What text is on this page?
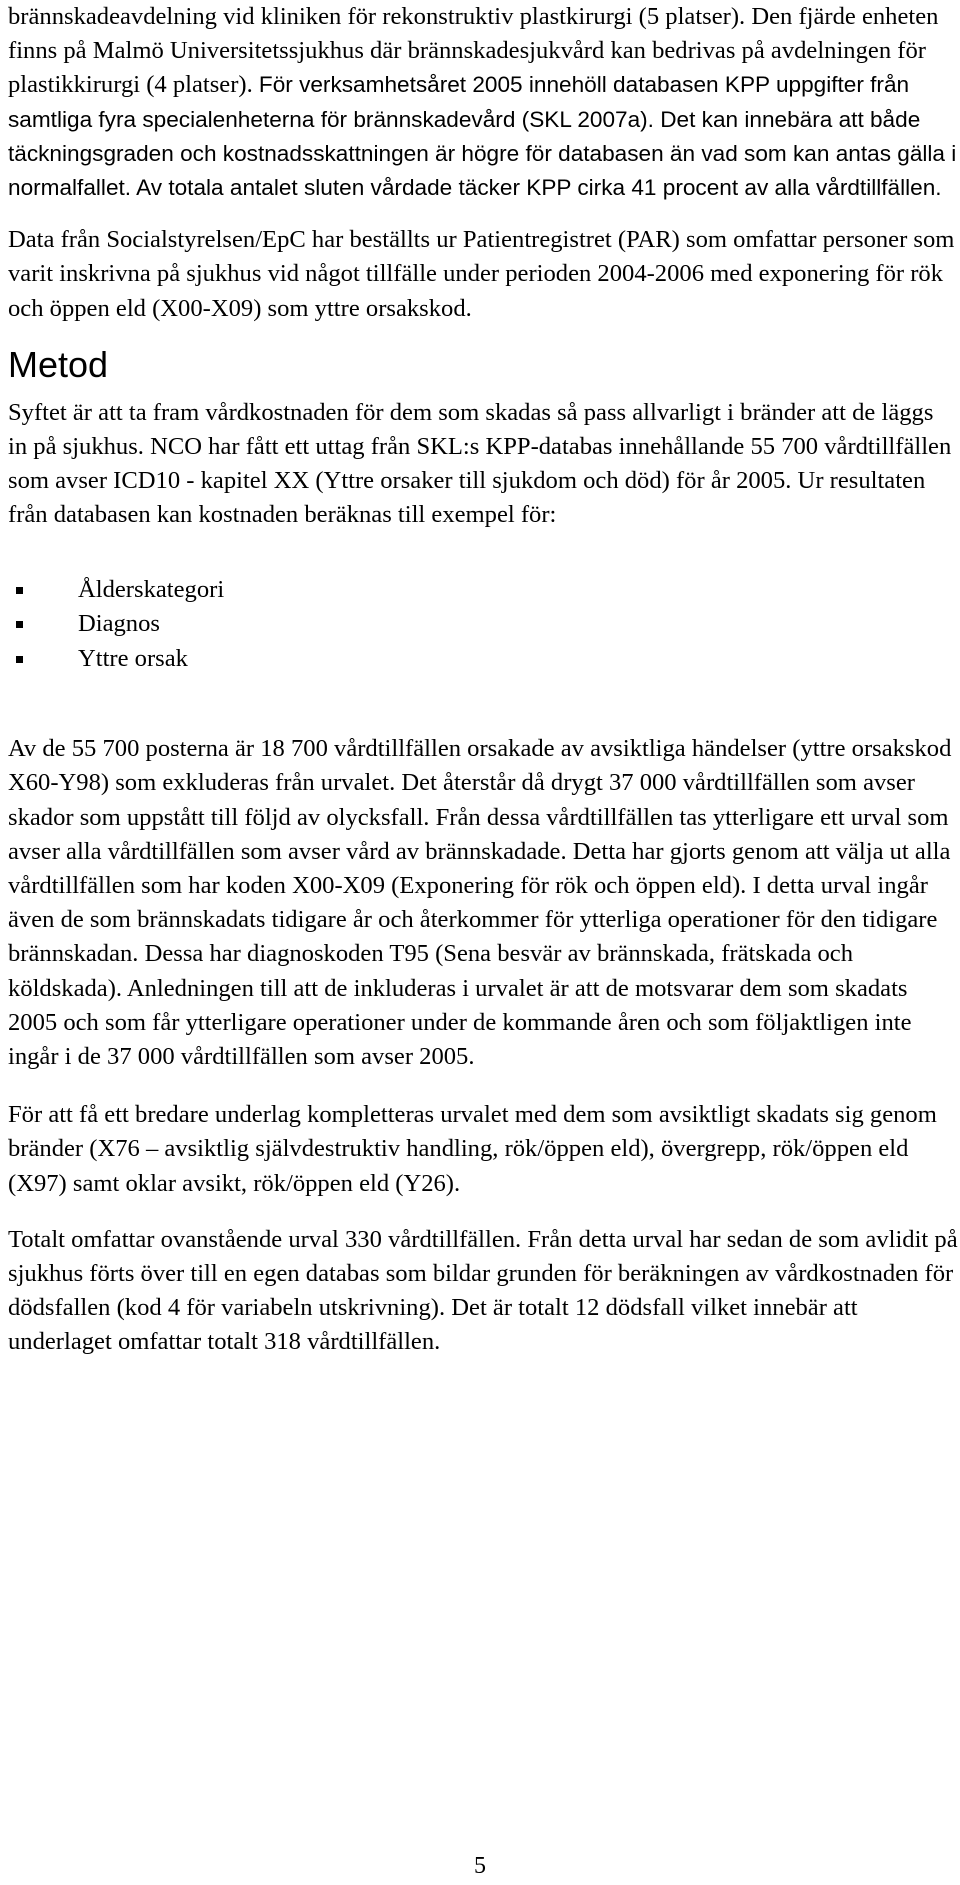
brännskadeavdelning vid kliniken för rekonstruktiv plastkirurgi (5 platser). Den fjärde enheten finns på Malmö Universitetssjukhus där brännskadesjukvård kan bedrivas på avdelningen för plastikkirurgi (4 platser). För verksamhetsåret 2005 innehöll databasen KPP uppgifter från samtliga fyra specialenheterna för brännskadevård (SKL 2007a). Det kan innebära att både täckningsgraden och kostnadsskattningen är högre för databasen än vad som kan antas gälla i normalfallet. Av totala antalet sluten vårdade täcker KPP cirka 41 procent av alla vårdtillfällen.

Data från Socialstyrelsen/EpC har beställts ur Patientregistret (PAR) som omfattar personer som varit inskrivna på sjukhus vid något tillfälle under perioden 2004-2006 med exponering för rök och öppen eld (X00-X09) som yttre orsakskod.

Metod

Syftet är att ta fram vårdkostnaden för dem som skadas så pass allvarligt i bränder att de läggs in på sjukhus. NCO har fått ett uttag från SKL:s KPP-databas innehållande 55 700 vårdtillfällen som avser ICD10 - kapitel XX (Yttre orsaker till sjukdom och död) för år 2005. Ur resultaten från databasen kan kostnaden beräknas till exempel för:

Ålderskategori
Diagnos
Yttre orsak

Av de 55 700 posterna är 18 700 vårdtillfällen orsakade av avsiktliga händelser (yttre orsakskod X60-Y98) som exkluderas från urvalet. Det återstår då drygt 37 000 vårdtillfällen som avser skador som uppstått till följd av olycksfall. Från dessa vårdtillfällen tas ytterligare ett urval som avser alla vårdtillfällen som avser vård av brännskadade. Detta har gjorts genom att välja ut alla vårdtillfällen som har koden X00-X09 (Exponering för rök och öppen eld). I detta urval ingår även de som brännskadats tidigare år och återkommer för ytterliga operationer för den tidigare brännskadan. Dessa har diagnoskoden T95 (Sena besvär av brännskada, frätskada och köldskada). Anledningen till att de inkluderas i urvalet är att de motsvarar dem som skadats 2005 och som får ytterligare operationer under de kommande åren och som följaktligen inte ingår i de 37 000 vårdtillfällen som avser 2005.

För att få ett bredare underlag kompletteras urvalet med dem som avsiktligt skadats sig genom bränder (X76 – avsiktlig självdestruktiv handling, rök/öppen eld), övergrepp, rök/öppen eld (X97) samt oklar avsikt, rök/öppen eld (Y26).

Totalt omfattar ovanstående urval 330 vårdtillfällen. Från detta urval har sedan de som avlidit på sjukhus förts över till en egen databas som bildar grunden för beräkningen av vårdkostnaden för dödsfallen (kod 4 för variabeln utskrivning). Det är totalt 12 dödsfall vilket innebär att underlaget omfattar totalt 318 vårdtillfällen.

5
